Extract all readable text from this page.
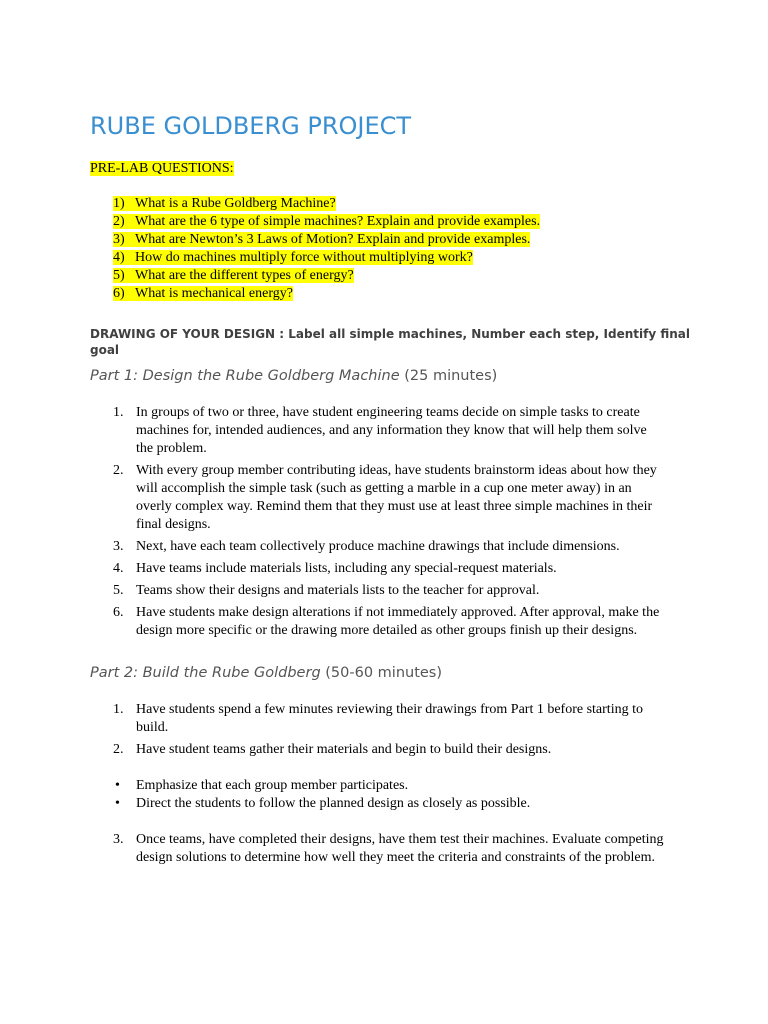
RUBE GOLDBERG PROJECT
PRE-LAB QUESTIONS:
1) What is a Rube Goldberg Machine?
2) What are the 6 type of simple machines? Explain and provide examples.
3) What are Newton’s 3 Laws of Motion? Explain and provide examples.
4) How do machines multiply force without multiplying work?
5) What are the different types of energy?
6) What is mechanical energy?
DRAWING OF YOUR DESIGN : Label all simple machines, Number each step, Identify final goal
Part 1: Design the Rube Goldberg Machine (25 minutes)
1. In groups of two or three, have student engineering teams decide on simple tasks to create machines for, intended audiences, and any information they know that will help them solve the problem.
2. With every group member contributing ideas, have students brainstorm ideas about how they will accomplish the simple task (such as getting a marble in a cup one meter away) in an overly complex way. Remind them that they must use at least three simple machines in their final designs.
3. Next, have each team collectively produce machine drawings that include dimensions.
4. Have teams include materials lists, including any special-request materials.
5. Teams show their designs and materials lists to the teacher for approval.
6. Have students make design alterations if not immediately approved. After approval, make the design more specific or the drawing more detailed as other groups finish up their designs.
Part 2: Build the Rube Goldberg (50-60 minutes)
1. Have students spend a few minutes reviewing their drawings from Part 1 before starting to build.
2. Have student teams gather their materials and begin to build their designs.
• Emphasize that each group member participates.
• Direct the students to follow the planned design as closely as possible.
3. Once teams, have completed their designs, have them test their machines. Evaluate competing design solutions to determine how well they meet the criteria and constraints of the problem.
